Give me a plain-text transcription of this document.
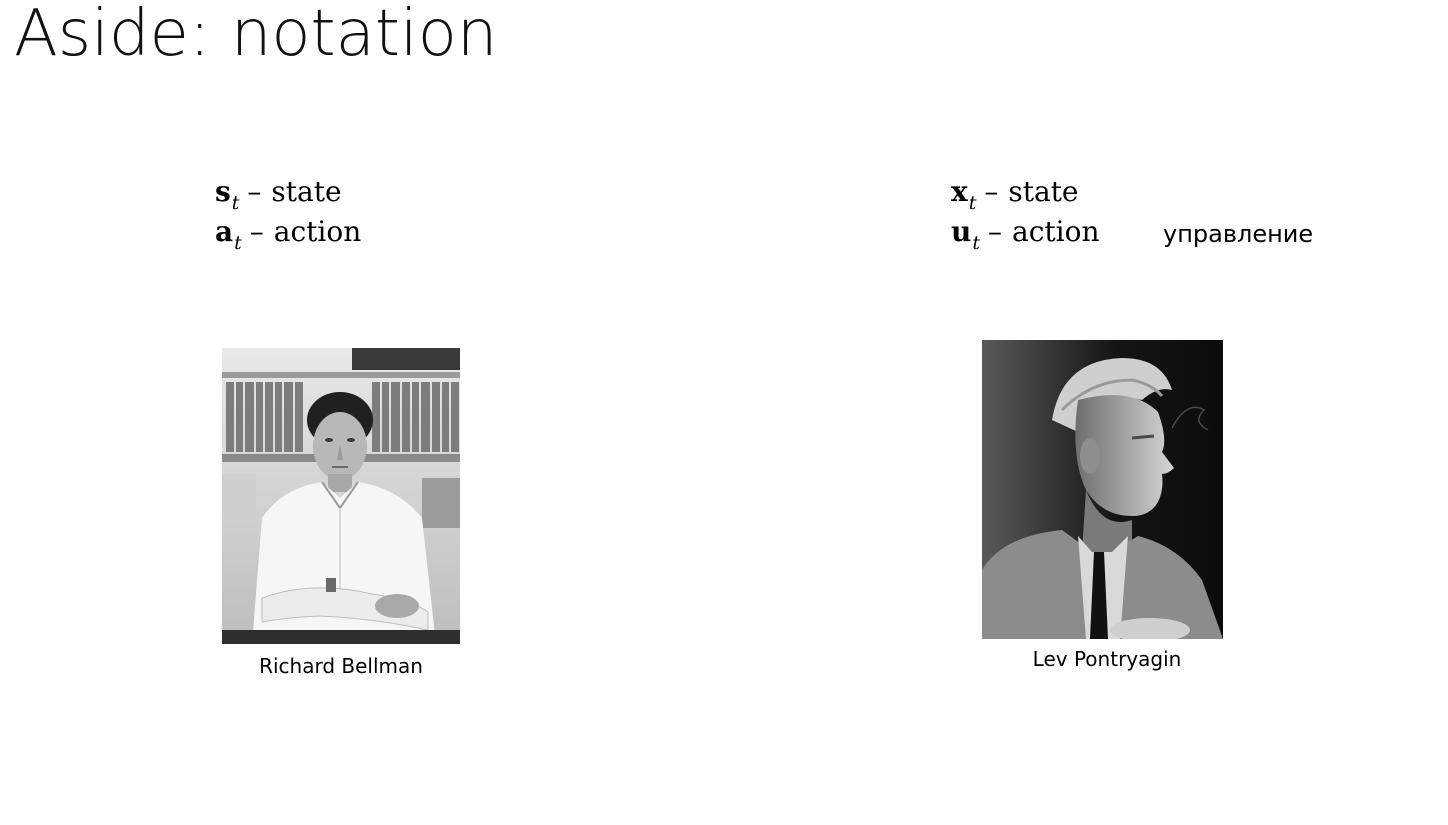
Aside: notation
$s_t$ – state
$a_t$ – action
$x_t$ – state
$u_t$ – action	управление
Richard Bellman	Lev Pontryagin
